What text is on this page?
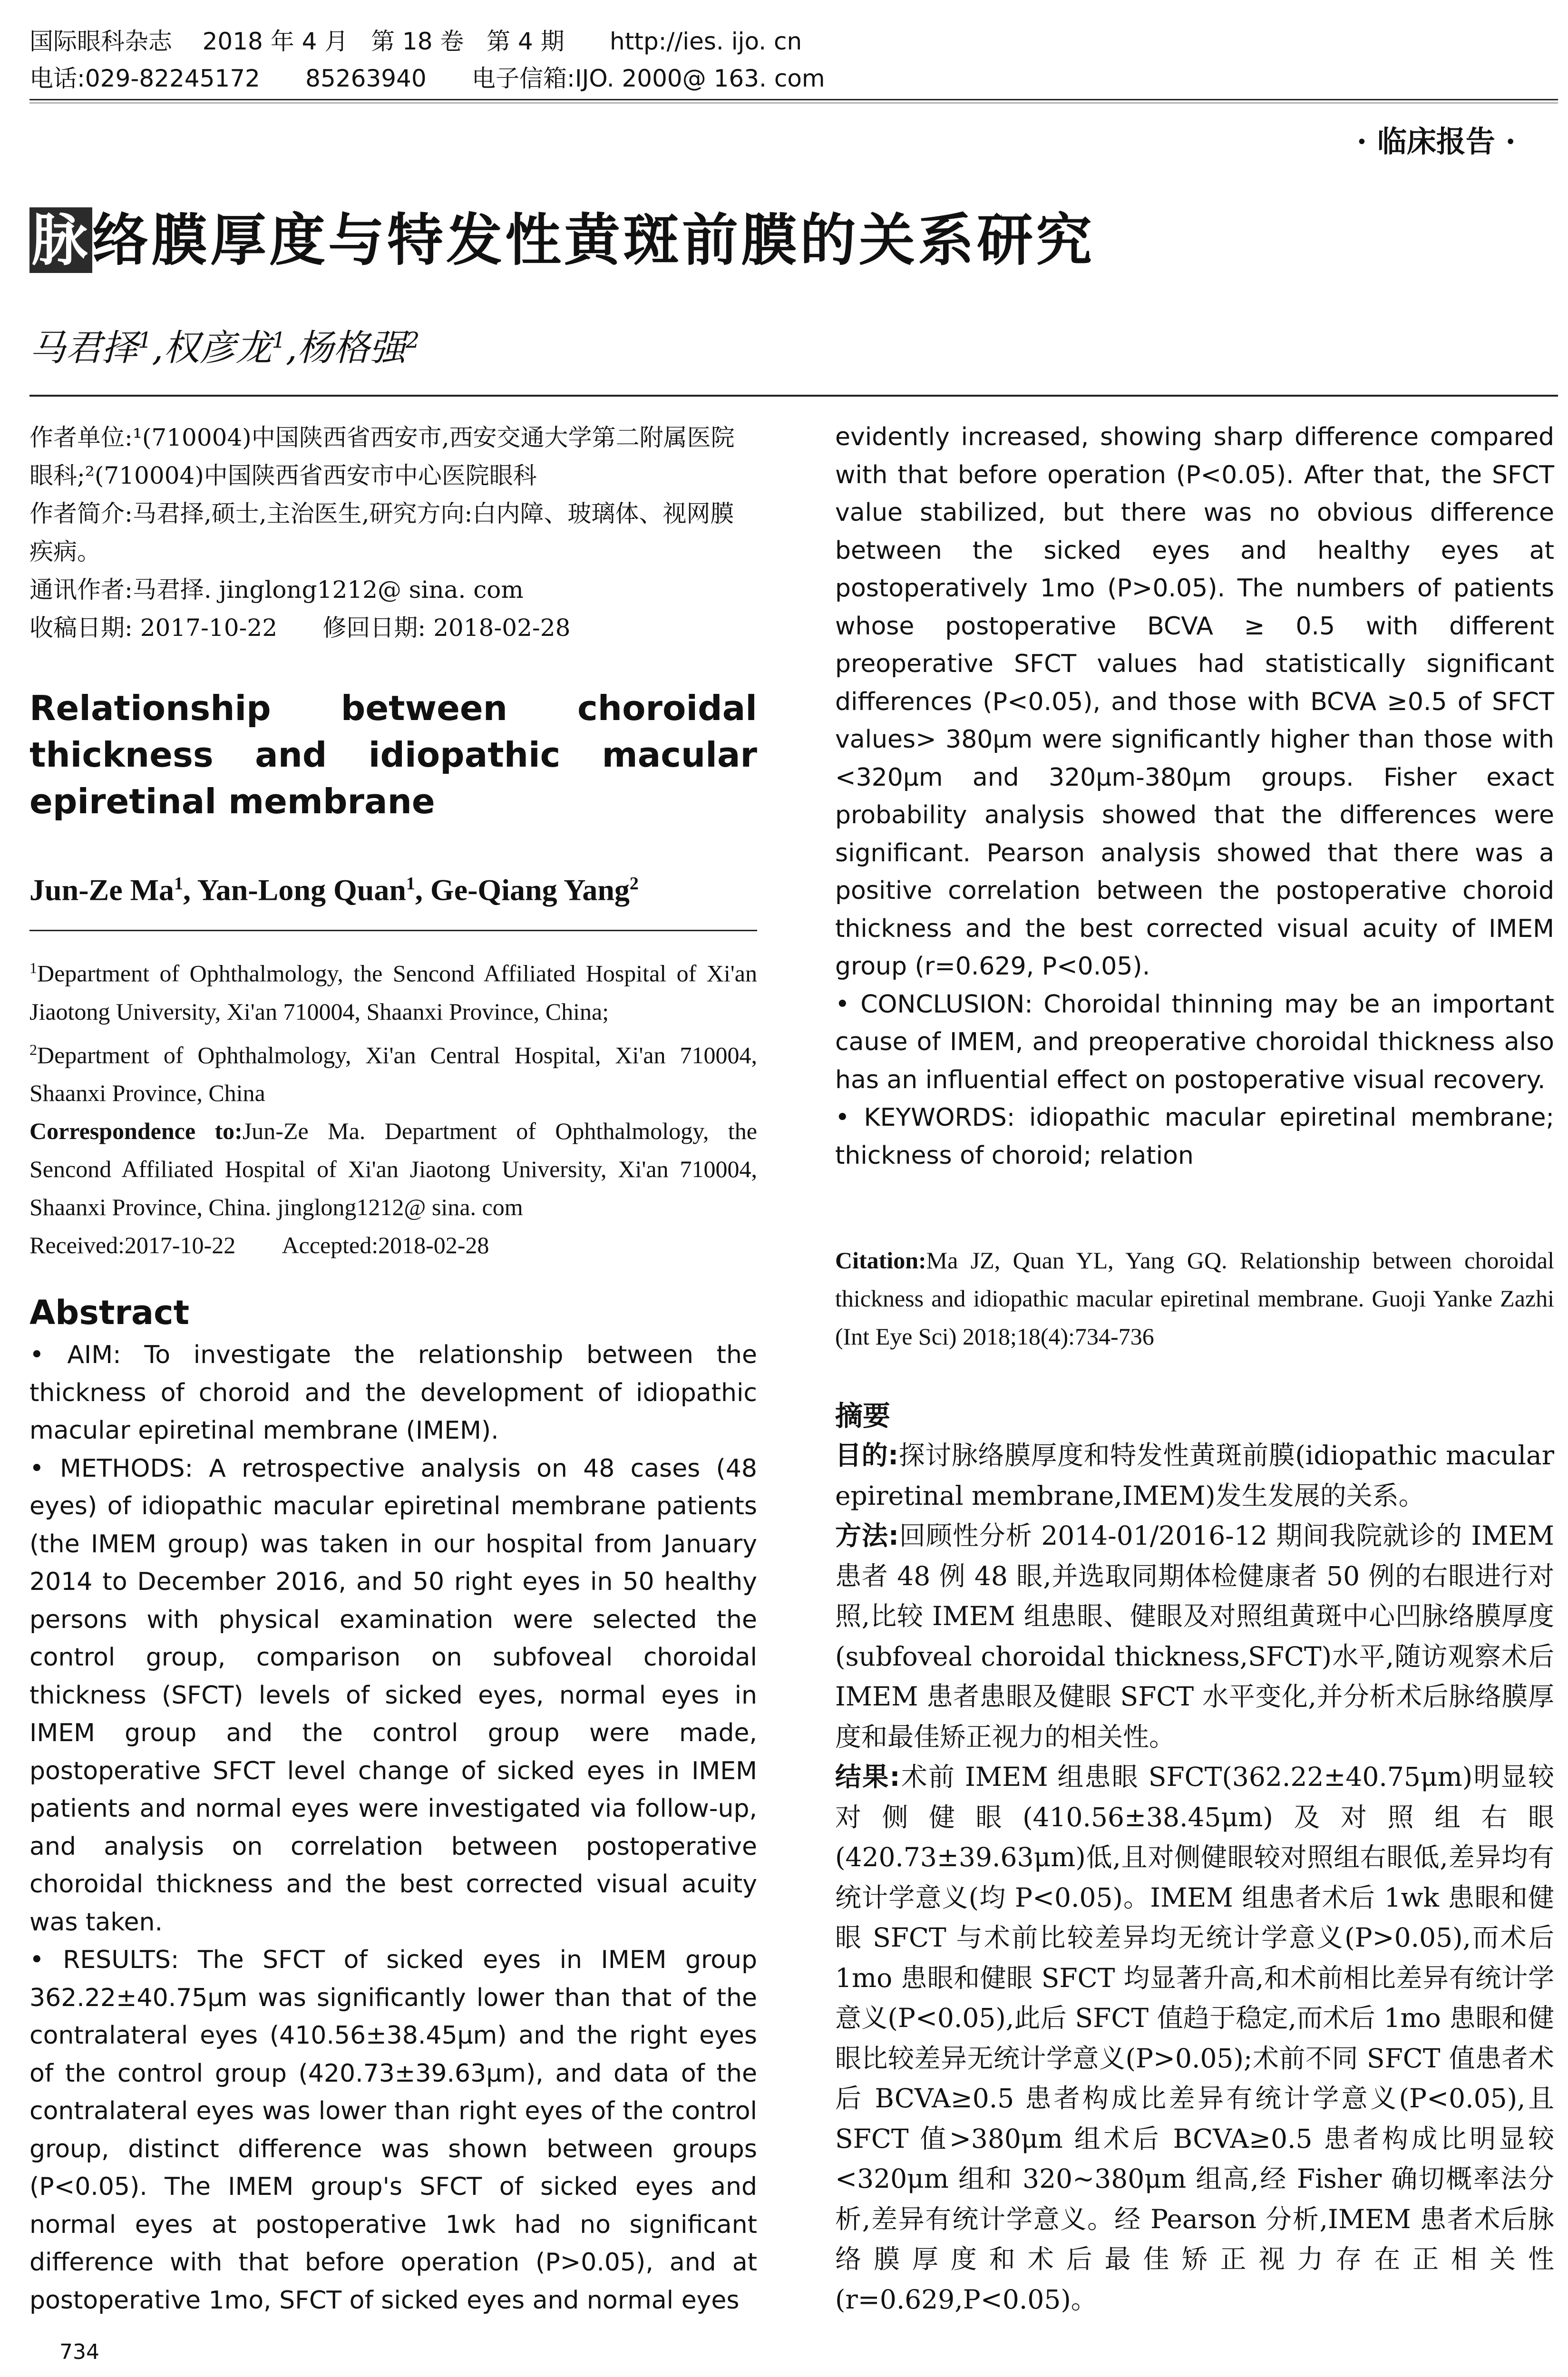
国际眼科杂志    2018 年 4 月   第 18 卷   第 4 期      http://ies. ijo. cn
电话:029-82245172      85263940      电子信箱:IJO. 2000@ 163. com
· 临床报告 ·
脉络膜厚度与特发性黄斑前膜的关系研究
马君择$^1$,权彦龙$^1$,杨格强$^2$

作者单位:¹(710004)中国陕西省西安市,西安交通大学第二附属医院眼科;²(710004)中国陕西省西安市中心医院眼科

作者简介:马君择,硕士,主治医生,研究方向:白内障、玻璃体、视网膜疾病。

通讯作者:马君择. jinglong1212@ sina. com

收稿日期: 2017-10-22      修回日期: 2018-02-28

Relationship between choroidal thickness and idiopathic macular epiretinal membrane
Jun-Ze Ma$^1$, Yan-Long Quan$^1$, Ge-Qiang Yang$^2$

$^1$Department of Ophthalmology, the Sencond Affiliated Hospital of Xi'an Jiaotong University, Xi'an 710004, Shaanxi Province, China;

$^2$Department of Ophthalmology, Xi'an Central Hospital, Xi'an 710004, Shaanxi Province, China

Correspondence to:Jun-Ze Ma. Department of Ophthalmology, the Sencond Affiliated Hospital of Xi'an Jiaotong University, Xi'an 710004, Shaanxi Province, China. jinglong1212@ sina. com

Received:2017-10-22        Accepted:2018-02-28

Abstract

• AIM: To investigate the relationship between the thickness of choroid and the development of idiopathic macular epiretinal membrane (IMEM).

• METHODS: A retrospective analysis on 48 cases (48 eyes) of idiopathic macular epiretinal membrane patients (the IMEM group) was taken in our hospital from January 2014 to December 2016, and 50 right eyes in 50 healthy persons with physical examination were selected the control group, comparison on subfoveal choroidal thickness (SFCT) levels of sicked eyes, normal eyes in IMEM group and the control group were made, postoperative SFCT level change of sicked eyes in IMEM patients and normal eyes were investigated via follow-up, and analysis on correlation between postoperative choroidal thickness and the best corrected visual acuity was taken.

• RESULTS: The SFCT of sicked eyes in IMEM group 362.22±40.75μm was significantly lower than that of the contralateral eyes (410.56±38.45μm) and the right eyes of the control group (420.73±39.63μm), and data of the contralateral eyes was lower than right eyes of the control group, distinct difference was shown between groups (P<0.05). The IMEM group's SFCT of sicked eyes and normal eyes at postoperative 1wk had no significant difference with that before operation (P>0.05), and at postoperative 1mo, SFCT of sicked eyes and normal eyes

evidently increased, showing sharp difference compared with that before operation (P<0.05). After that, the SFCT value stabilized, but there was no obvious difference between the sicked eyes and healthy eyes at postoperatively 1mo (P>0.05). The numbers of patients whose postoperative BCVA ≥ 0.5 with different preoperative SFCT values had statistically significant differences (P<0.05), and those with BCVA ≥0.5 of SFCT values> 380μm were significantly higher than those with <320μm and 320μm-380μm groups. Fisher exact probability analysis showed that the differences were significant. Pearson analysis showed that there was a positive correlation between the postoperative choroid thickness and the best corrected visual acuity of IMEM group (r=0.629, P<0.05).

• CONCLUSION: Choroidal thinning may be an important cause of IMEM, and preoperative choroidal thickness also has an influential effect on postoperative visual recovery.

• KEYWORDS: idiopathic macular epiretinal membrane; thickness of choroid; relation

Citation:Ma JZ, Quan YL, Yang GQ. Relationship between choroidal thickness and idiopathic macular epiretinal membrane. Guoji Yanke Zazhi (Int Eye Sci) 2018;18(4):734-736
摘要

目的:探讨脉络膜厚度和特发性黄斑前膜(idiopathic macular epiretinal membrane,IMEM)发生发展的关系。

方法:回顾性分析 2014-01/2016-12 期间我院就诊的 IMEM 患者 48 例 48 眼,并选取同期体检健康者 50 例的右眼进行对照,比较 IMEM 组患眼、健眼及对照组黄斑中心凹脉络膜厚度(subfoveal choroidal thickness,SFCT)水平,随访观察术后 IMEM 患者患眼及健眼 SFCT 水平变化,并分析术后脉络膜厚度和最佳矫正视力的相关性。

结果:术前 IMEM 组患眼 SFCT(362.22±40.75μm)明显较对侧健眼(410.56±38.45μm)及对照组右眼(420.73±39.63μm)低,且对侧健眼较对照组右眼低,差异均有统计学意义(均 P<0.05)。IMEM 组患者术后 1wk 患眼和健眼 SFCT 与术前比较差异均无统计学意义(P>0.05),而术后 1mo 患眼和健眼 SFCT 均显著升高,和术前相比差异有统计学意义(P<0.05),此后 SFCT 值趋于稳定,而术后 1mo 患眼和健眼比较差异无统计学意义(P>0.05);术前不同 SFCT 值患者术后 BCVA≥0.5 患者构成比差异有统计学意义(P<0.05),且 SFCT 值>380μm 组术后 BCVA≥0.5 患者构成比明显较<320μm 组和 320~380μm 组高,经 Fisher 确切概率法分析,差异有统计学意义。经 Pearson 分析,IMEM 患者术后脉络膜厚度和术后最佳矫正视力存在正相关性(r=0.629,P<0.05)。

734
